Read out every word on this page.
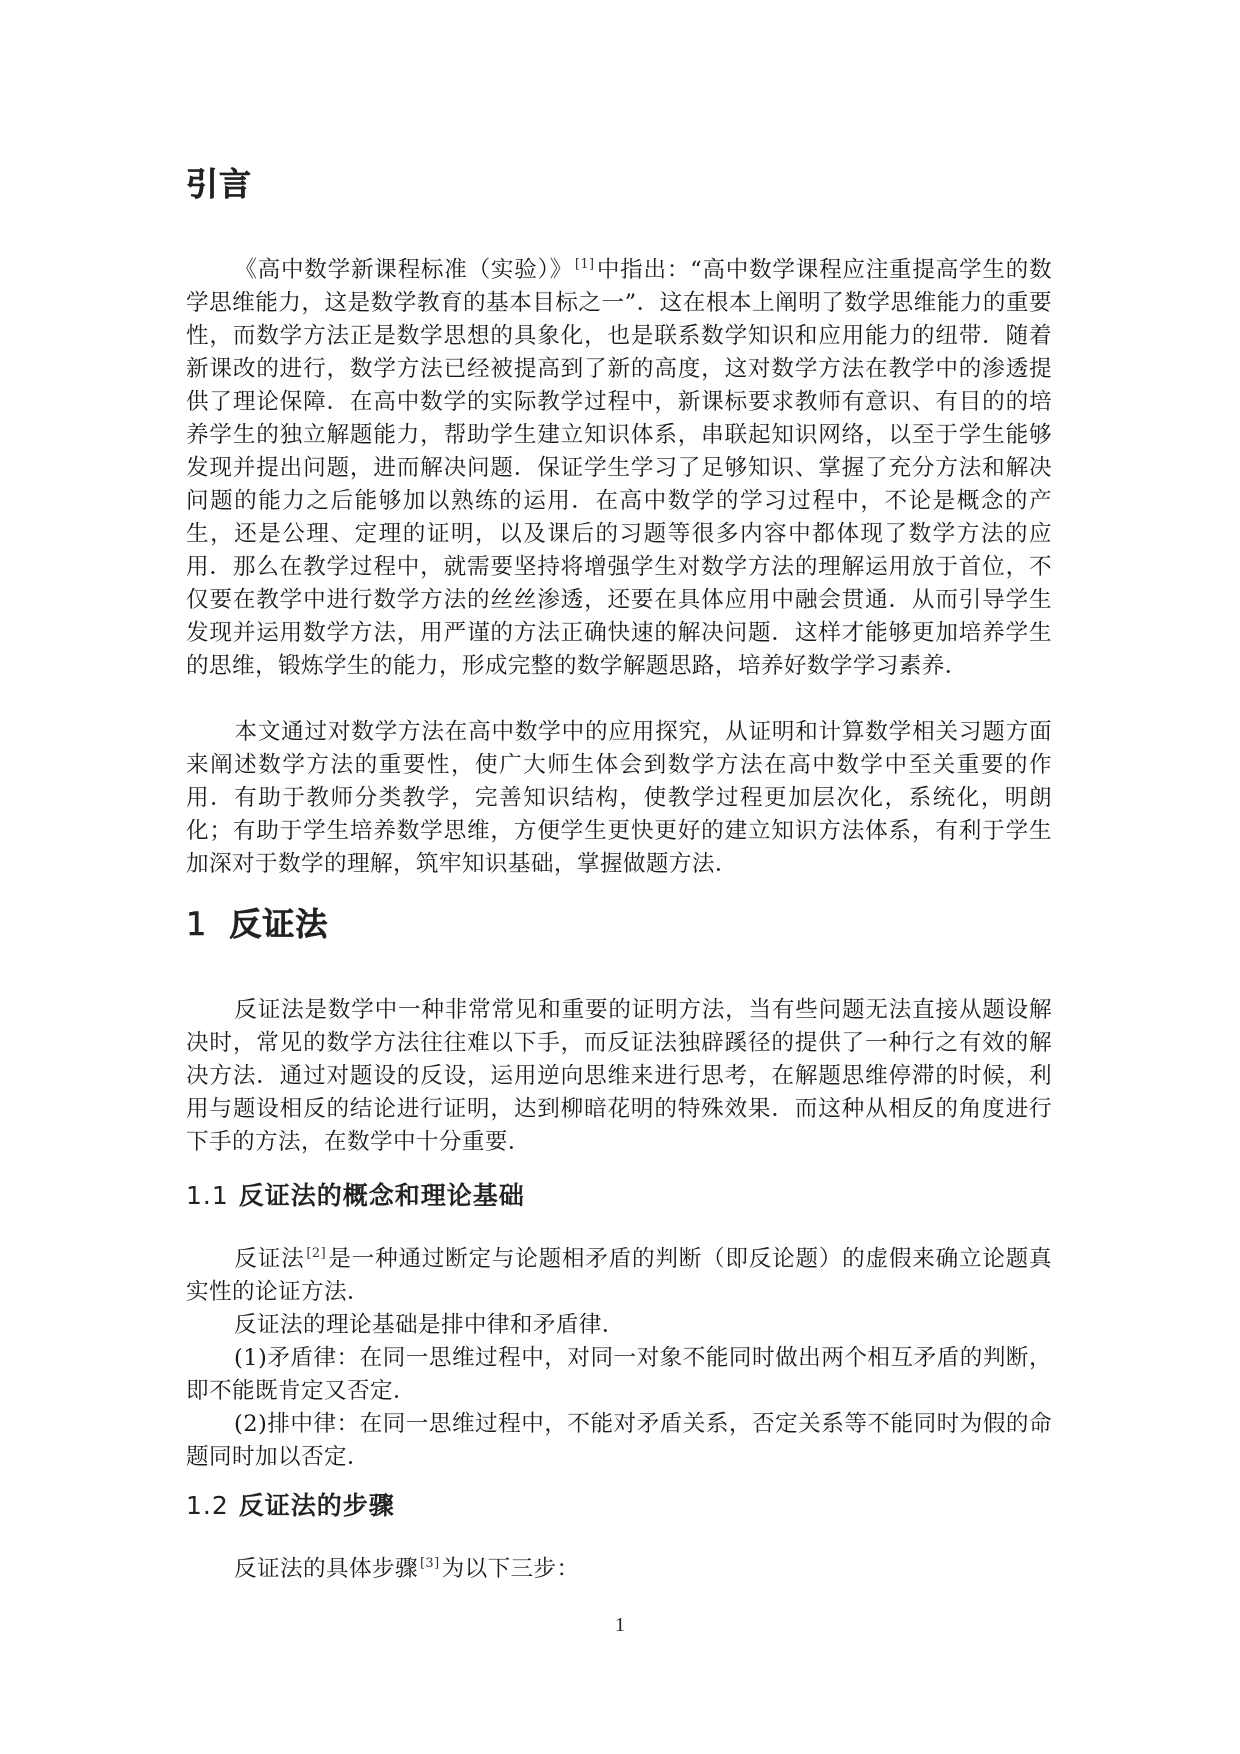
引言
《高中数学新课程标准（实验）》 [1]中指出：“高中数学课程应注重提高学生的数学思维能力，这是数学教育的基本目标之一”．这在根本上阐明了数学思维能力的重要性，而数学方法正是数学思想的具象化，也是联系数学知识和应用能力的纽带．随着新课改的进行，数学方法已经被提高到了新的高度，这对数学方法在教学中的渗透提供了理论保障．在高中数学的实际教学过程中，新课标要求教师有意识、有目的的培养学生的独立解题能力，帮助学生建立知识体系，串联起知识网络，以至于学生能够发现并提出问题，进而解决问题．保证学生学习了足够知识、掌握了充分方法和解决问题的能力之后能够加以熟练的运用．在高中数学的学习过程中，不论是概念的产生，还是公理、定理的证明，以及课后的习题等很多内容中都体现了数学方法的应用．那么在教学过程中，就需要坚持将增强学生对数学方法的理解运用放于首位，不仅要在教学中进行数学方法的丝丝渗透，还要在具体应用中融会贯通．从而引导学生发现并运用数学方法，用严谨的方法正确快速的解决问题．这样才能够更加培养学生的思维，锻炼学生的能力，形成完整的数学解题思路，培养好数学学习素养．
本文通过对数学方法在高中数学中的应用探究，从证明和计算数学相关习题方面来阐述数学方法的重要性，使广大师生体会到数学方法在高中数学中至关重要的作用．有助于教师分类教学，完善知识结构，使教学过程更加层次化，系统化，明朗化；有助于学生培养数学思维，方便学生更快更好的建立知识方法体系，有利于学生加深对于数学的理解，筑牢知识基础，掌握做题方法．
1 反证法
反证法是数学中一种非常常见和重要的证明方法，当有些问题无法直接从题设解决时，常见的数学方法往往难以下手，而反证法独辟蹊径的提供了一种行之有效的解决方法．通过对题设的反设，运用逆向思维来进行思考，在解题思维停滞的时候，利用与题设相反的结论进行证明，达到柳暗花明的特殊效果．而这种从相反的角度进行下手的方法，在数学中十分重要．
1.1 反证法的概念和理论基础
反证法 [2]是一种通过断定与论题相矛盾的判断（即反论题）的虚假来确立论题真实性的论证方法．
反证法的理论基础是排中律和矛盾律．
(1)矛盾律：在同一思维过程中，对同一对象不能同时做出两个相互矛盾的判断，即不能既肯定又否定．
(2)排中律：在同一思维过程中，不能对矛盾关系，否定关系等不能同时为假的命题同时加以否定．
1.2 反证法的步骤
反证法的具体步骤 [3]为以下三步：
1
